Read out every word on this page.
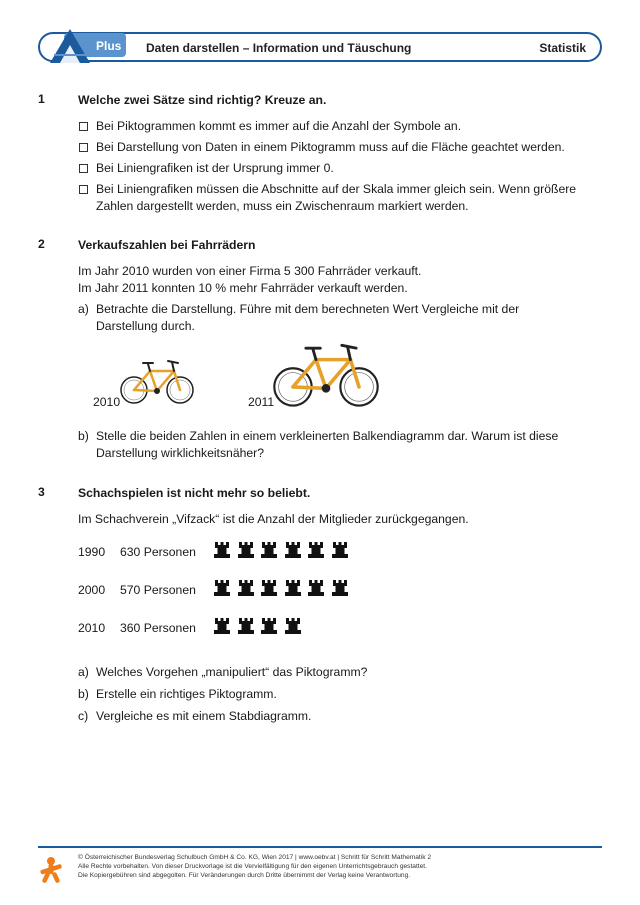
Plus Daten darstellen – Information und Täuschung	Statistik
1	Welche zwei Sätze sind richtig? Kreuze an.
Bei Piktogrammen kommt es immer auf die Anzahl der Symbole an.
Bei Darstellung von Daten in einem Piktogramm muss auf die Fläche geachtet werden.
Bei Liniengrafiken ist der Ursprung immer 0.
Bei Liniengrafiken müssen die Abschnitte auf der Skala immer gleich sein. Wenn größere
Zahlen dargestellt werden, muss ein Zwischenraum markiert werden.
2	Verkaufszahlen bei Fahrrädern
Im Jahr 2010 wurden von einer Firma 5 300 Fahrräder verkauft.
Im Jahr 2011 konnten 10 % mehr Fahrräder verkauft werden.
a) Betrachte die Darstellung. Führe mit dem berechneten Wert Vergleiche mit der
Darstellung durch.
2010	2011
b) Stelle die beiden Zahlen in einem verkleinerten Balkendiagramm dar. Warum ist diese
Darstellung wirklichkeitsnäher?
3	Schachspielen ist nicht mehr so beliebt.
Im Schachverein „Vifzack“ ist die Anzahl der Mitglieder zurückgegangen.
1990 630 Personen
2000 570 Personen
2010 360 Personen
a) Welches Vorgehen „manipuliert“ das Piktogramm?
b) Erstelle ein richtiges Piktogramm.
c) Vergleiche es mit einem Stabdiagramm.
© Österreichischer Bundesverlag Schulbuch GmbH & Co. KG, Wien 2017 | www.oebv.at | Schritt für Schritt Mathematik 2
Alle Rechte vorbehalten. Von dieser Druckvorlage ist die Vervielfältigung für den eigenen Unterrichtsgebrauch gestattet.
Die Kopiergebühren sind abgegolten. Für Veränderungen durch Dritte übernimmt der Verlag keine Verantwortung.
